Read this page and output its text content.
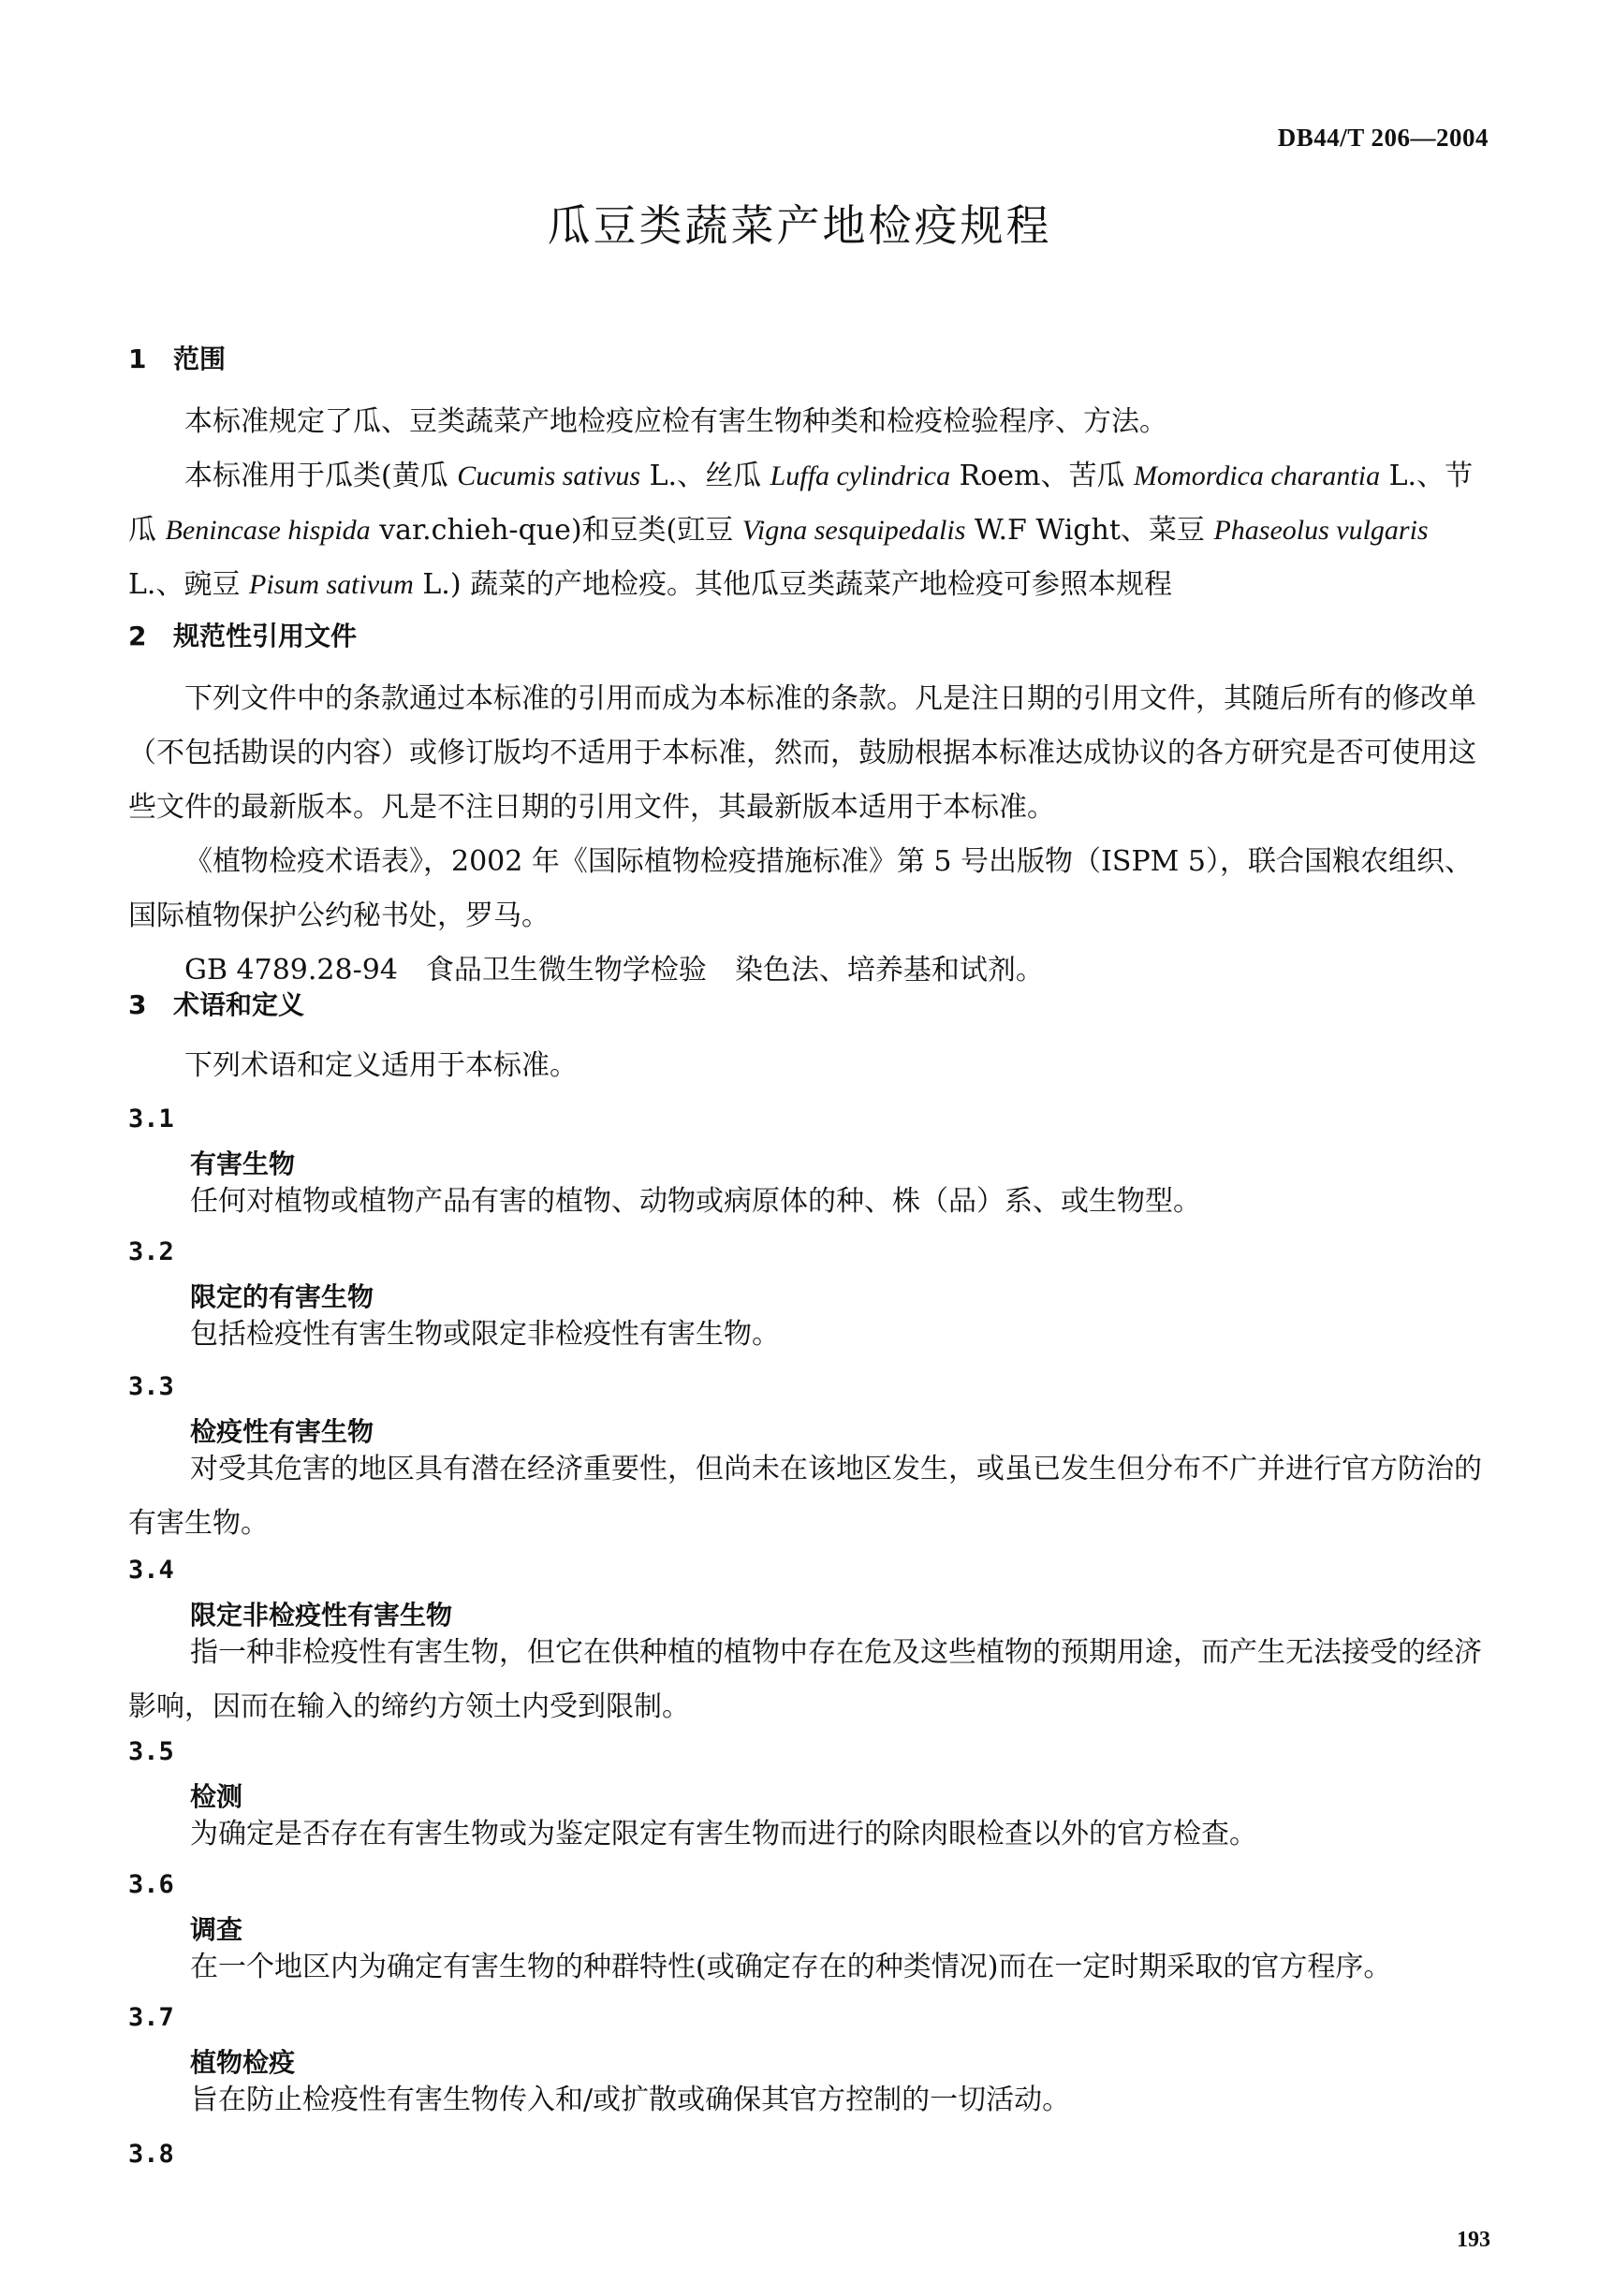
DB44/T 206—2004
瓜豆类蔬菜产地检疫规程
1 范围

本标准规定了瓜、豆类蔬菜产地检疫应检有害生物种类和检疫检验程序、方法。

本标准用于瓜类(黄瓜 Cucumis sativus L.、丝瓜 Luffa cylindrica Roem、苦瓜 Momordica charantia L.、节瓜 Benincase hispida var.chieh-que)和豆类(豇豆 Vigna sesquipedalis W.F Wight、菜豆 Phaseolus vulgaris L.、豌豆 Pisum sativum L.) 蔬菜的产地检疫。其他瓜豆类蔬菜产地检疫可参照本规程

2 规范性引用文件

下列文件中的条款通过本标准的引用而成为本标准的条款。凡是注日期的引用文件，其随后所有的修改单（不包括勘误的内容）或修订版均不适用于本标准，然而，鼓励根据本标准达成协议的各方研究是否可使用这些文件的最新版本。凡是不注日期的引用文件，其最新版本适用于本标准。

《植物检疫术语表》，2002 年《国际植物检疫措施标准》第 5 号出版物（ISPM 5），联合国粮农组织、国际植物保护公约秘书处，罗马。

GB 4789.28-94　食品卫生微生物学检验　染色法、培养基和试剂。

3 术语和定义

下列术语和定义适用于本标准。

3.1
有害生物
任何对植物或植物产品有害的植物、动物或病原体的种、株（品）系、或生物型。
3.2
限定的有害生物
包括检疫性有害生物或限定非检疫性有害生物。
3.3
检疫性有害生物
对受其危害的地区具有潜在经济重要性，但尚未在该地区发生，或虽已发生但分布不广并进行官方防治的有害生物。
3.4
限定非检疫性有害生物
指一种非检疫性有害生物，但它在供种植的植物中存在危及这些植物的预期用途，而产生无法接受的经济影响，因而在输入的缔约方领土内受到限制。
3.5
检测
为确定是否存在有害生物或为鉴定限定有害生物而进行的除肉眼检查以外的官方检查。
3.6
调查
在一个地区内为确定有害生物的种群特性(或确定存在的种类情况)而在一定时期采取的官方程序。
3.7
植物检疫
旨在防止检疫性有害生物传入和/或扩散或确保其官方控制的一切活动。
3.8
193
